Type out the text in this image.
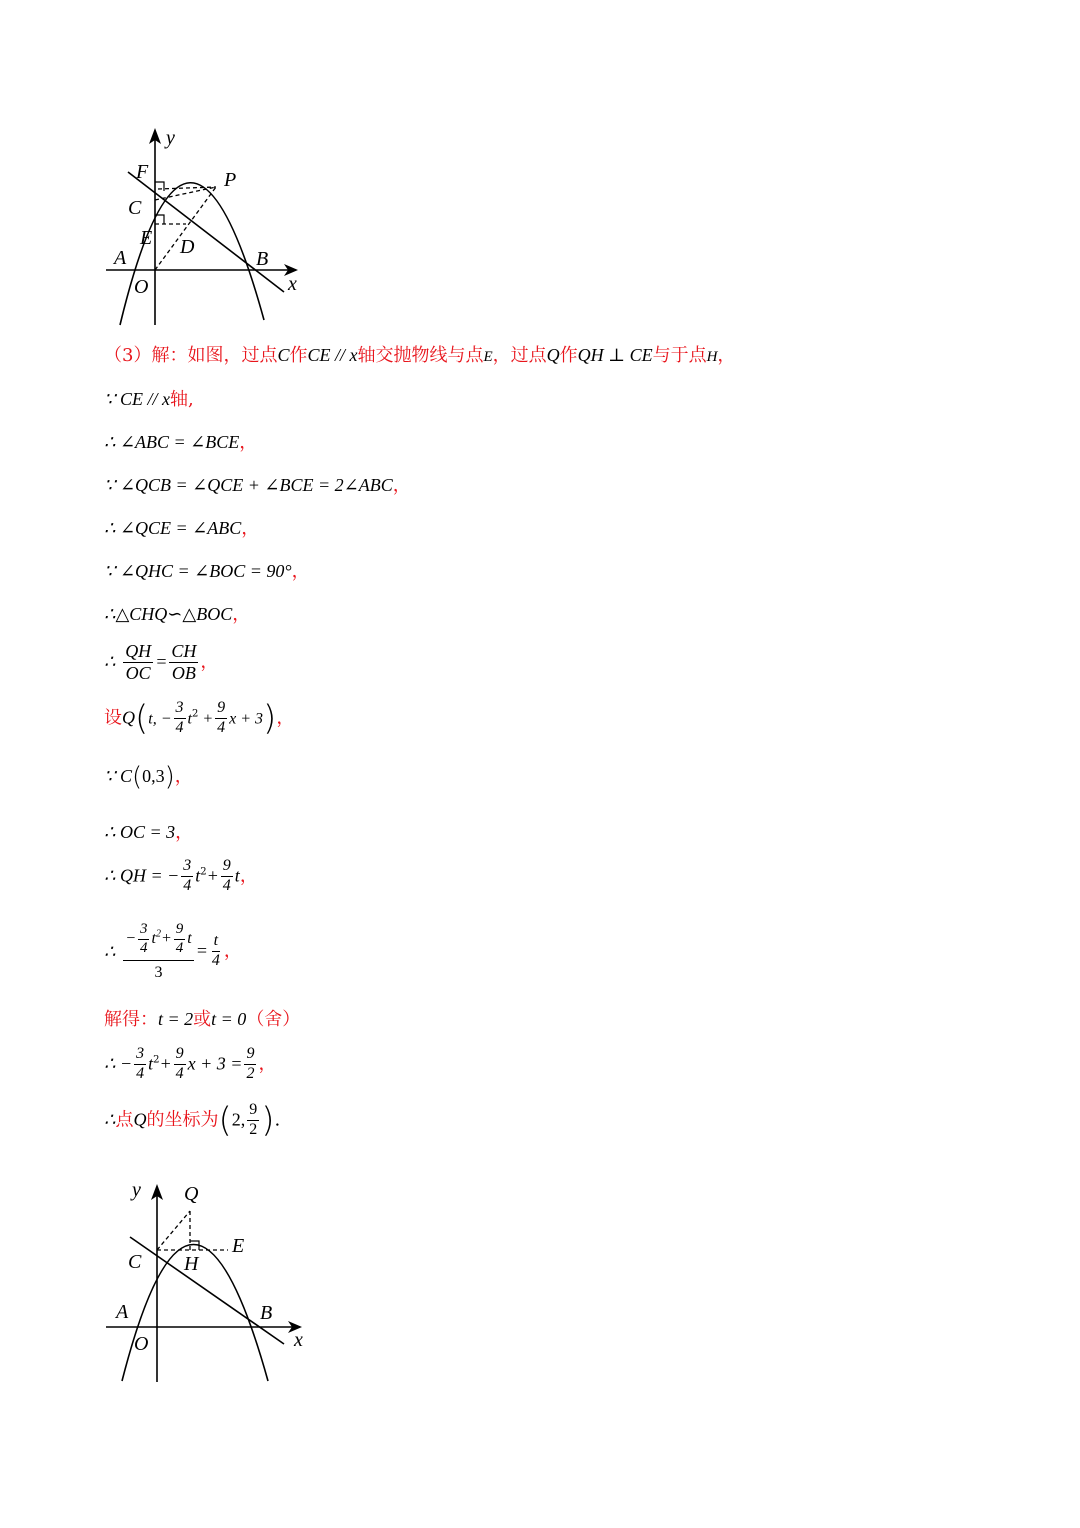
y
x
F	P
C
E D
A	B
O
（3）解：如图，过点C作CE // x轴交抛物线与点E，过点Q作QH ⊥ CE与于点H，
∵ CE // x轴,
∴ ∠ABC = ∠BCE，
∵ ∠QCB = ∠QCE + ∠BCE = 2∠ABC，
∴ ∠QCE = ∠ABC，
∵ ∠QHC = ∠BOC = 90°，
∴△CHQ∽△BOC，
∴ $\frac{QH}{OC} = \frac{CH}{OB}$ ，
设Q(t, − $\frac{3}{4} t^2 + \frac{9}{4}$ x + 3)，
∵ C(0,3)，
∴ OC = 3，
∴ QH = − $\frac{3}{4} t^2+ \frac{9}{4}$ t，
∴ $\frac{- \frac{3}{4} t^2+ \frac{9}{4} t}{3} = \frac{t}{4}$ ，
解得：t = 2或t = 0（舍）
∴ − $\frac{3}{4} t^2+ \frac{9}{4}$ $x + 3 = \frac{9}{2}$ ，
∴点Q的坐标为(2, $\frac{9}{2}$ ).
y
x
Q
E
C H
A	B
O
